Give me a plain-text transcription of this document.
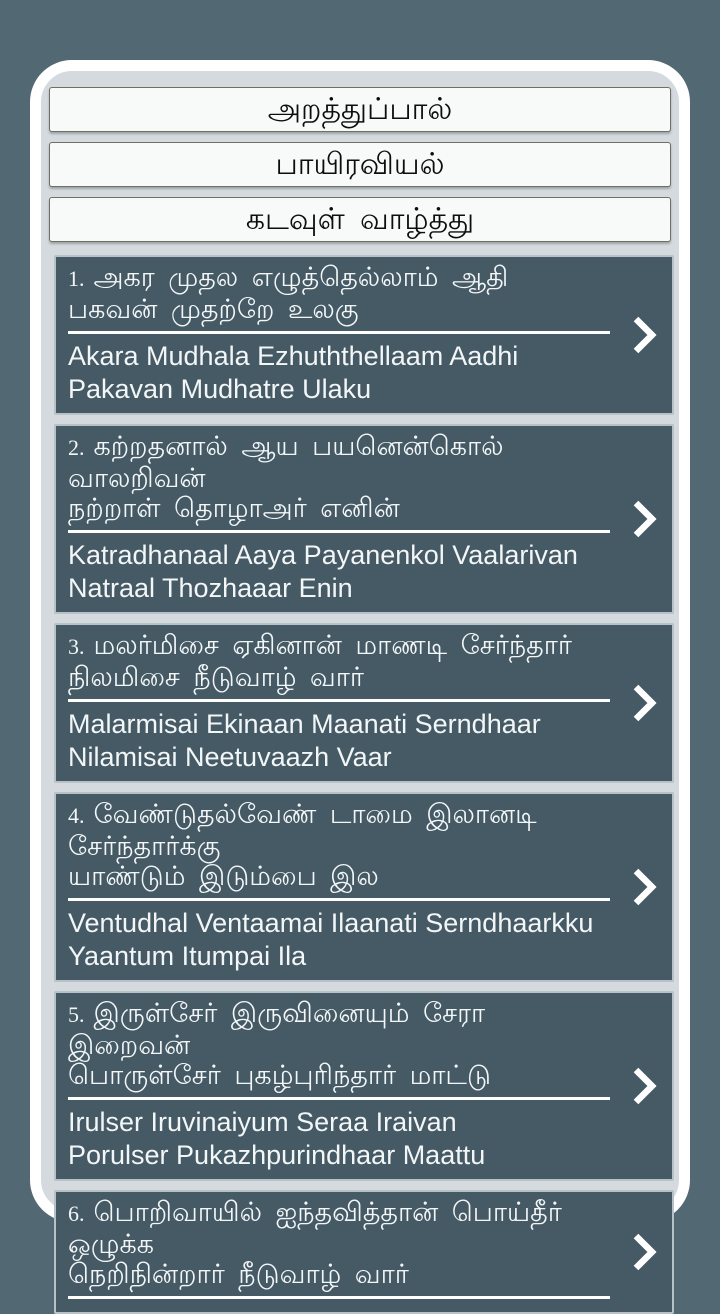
அறத்துப்பால்
பாயிரவியல்
கடவுள் வாழ்த்து
1. அகர முதல எழுத்தெல்லாம் ஆதி
பகவன் முதற்றே உலகு
Akara Mudhala Ezhuththellaam Aadhi
Pakavan Mudhatre Ulaku
2. கற்றதனால் ஆய பயனென்கொல்
வாலறிவன்
நற்றாள் தொழாஅர் எனின்
Katradhanaal Aaya Payanenkol Vaalarivan
Natraal Thozhaaar Enin
3. மலர்மிசை ஏகினான் மாணடி சேர்ந்தார்
நிலமிசை நீடுவாழ் வார்
Malarmisai Ekinaan Maanati Serndhaar
Nilamisai Neetuvaazh Vaar
4. வேண்டுதல்வேண் டாமை இலானடி
சேர்ந்தார்க்கு
யாண்டும் இடும்பை இல
Ventudhal Ventaamai Ilaanati Serndhaarkku
Yaantum Itumpai Ila
5. இருள்சேர் இருவினையும் சேரா
இறைவன்
பொருள்சேர் புகழ்புரிந்தார் மாட்டு
Irulser Iruvinaiyum Seraa Iraivan
Porulser Pukazhpurindhaar Maattu
6. பொறிவாயில் ஐந்தவித்தான் பொய்தீர்
ஒழுக்க
நெறிநின்றார் நீடுவாழ் வார்
